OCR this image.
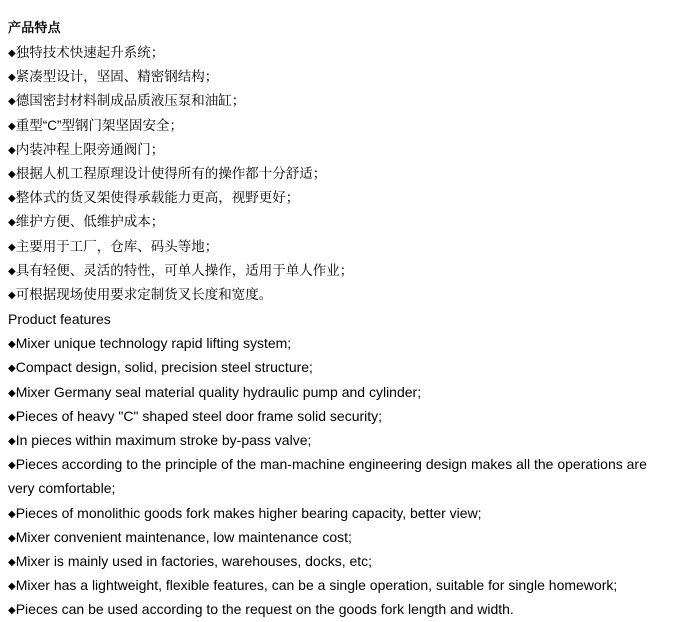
产品特点
◆独特技术快速起升系统；
◆紧凑型设计，坚固、精密钢结构；
◆德国密封材料制成品质液压泵和油缸；
◆重型“C”型钢门架坚固安全；
◆内装冲程上限旁通阀门；
◆根据人机工程原理设计使得所有的操作都十分舒适；
◆整体式的货叉架使得承载能力更高，视野更好；
◆维护方便、低维护成本；
◆主要用于工厂，仓库、码头等地；
◆具有轻便、灵活的特性，可单人操作，适用于单人作业；
◆可根据现场使用要求定制货叉长度和宽度。

Product features

◆Mixer unique technology rapid lifting system;
◆Compact design, solid, precision steel structure;
◆Mixer Germany seal material quality hydraulic pump and cylinder;
◆Pieces of heavy "C" shaped steel door frame solid security;
◆In pieces within maximum stroke by-pass valve;
◆Pieces according to the principle of the man-machine engineering design makes all the operations are very comfortable;
◆Pieces of monolithic goods fork makes higher bearing capacity, better view;
◆Mixer convenient maintenance, low maintenance cost;
◆Mixer is mainly used in factories, warehouses, docks, etc;
◆Mixer has a lightweight, flexible features, can be a single operation, suitable for single homework;
◆Pieces can be used according to the request on the goods fork length and width.
